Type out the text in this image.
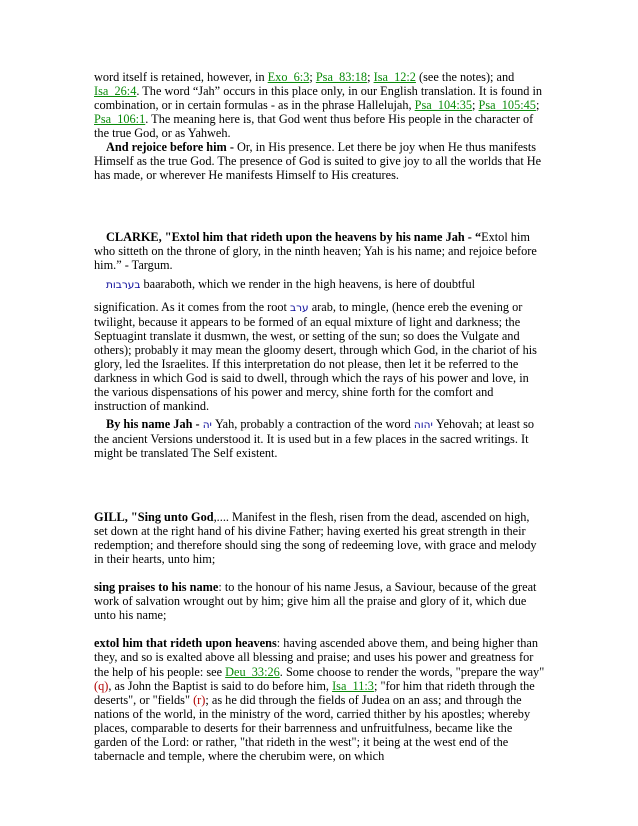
word itself is retained, however, in Exo_6:3; Psa_83:18; Isa_12:2 (see the notes); and Isa_26:4. The word “Jah” occurs in this place only, in our English translation. It is found in combination, or in certain formulas - as in the phrase Hallelujah, Psa_104:35; Psa_105:45; Psa_106:1. The meaning here is, that God went thus before His people in the character of the true God, or as Yahweh.

And rejoice before him - Or, in His presence. Let there be joy when He thus manifests Himself as the true God. The presence of God is suited to give joy to all the worlds that He has made, or wherever He manifests Himself to His creatures.

CLARKE, "Extol him that rideth upon the heavens by his name Jah - “Extol him who sitteth on the throne of glory, in the ninth heaven; Yah is his name; and rejoice before him.” - Targum.

בערבות baaraboth, which we render in the high heavens, is here of doubtful

signification. As it comes from the root ערב arab, to mingle, (hence ereb the evening or twilight, because it appears to be formed of an equal mixture of light and darkness; the Septuagint translate it dusmwn, the west, or setting of the sun; so does the Vulgate and others); probably it may mean the gloomy desert, through which God, in the chariot of his glory, led the Israelites. If this interpretation do not please, then let it be referred to the darkness in which God is said to dwell, through which the rays of his power and love, in the various dispensations of his power and mercy, shine forth for the comfort and instruction of mankind.

By his name Jah - יה Yah, probably a contraction of the word יהוה Yehovah; at least so the ancient Versions understood it. It is used but in a few places in the sacred writings. It might be translated The Self existent.

GILL, "Sing unto God,.... Manifest in the flesh, risen from the dead, ascended on high, set down at the right hand of his divine Father; having exerted his great strength in their redemption; and therefore should sing the song of redeeming love, with grace and melody in their hearts, unto him;

sing praises to his name: to the honour of his name Jesus, a Saviour, because of the great work of salvation wrought out by him; give him all the praise and glory of it, which due unto his name;

extol him that rideth upon heavens: having ascended above them, and being higher than they, and so is exalted above all blessing and praise; and uses his power and greatness for the help of his people: see Deu_33:26. Some choose to render the words, "prepare the way" (q), as John the Baptist is said to do before him, Isa_11:3; "for him that rideth through the deserts", or "fields" (r); as he did through the fields of Judea on an ass; and through the nations of the world, in the ministry of the word, carried thither by his apostles; whereby places, comparable to deserts for their barrenness and unfruitfulness, became like the garden of the Lord: or rather, "that rideth in the west"; it being at the west end of the tabernacle and temple, where the cherubim were, on which
